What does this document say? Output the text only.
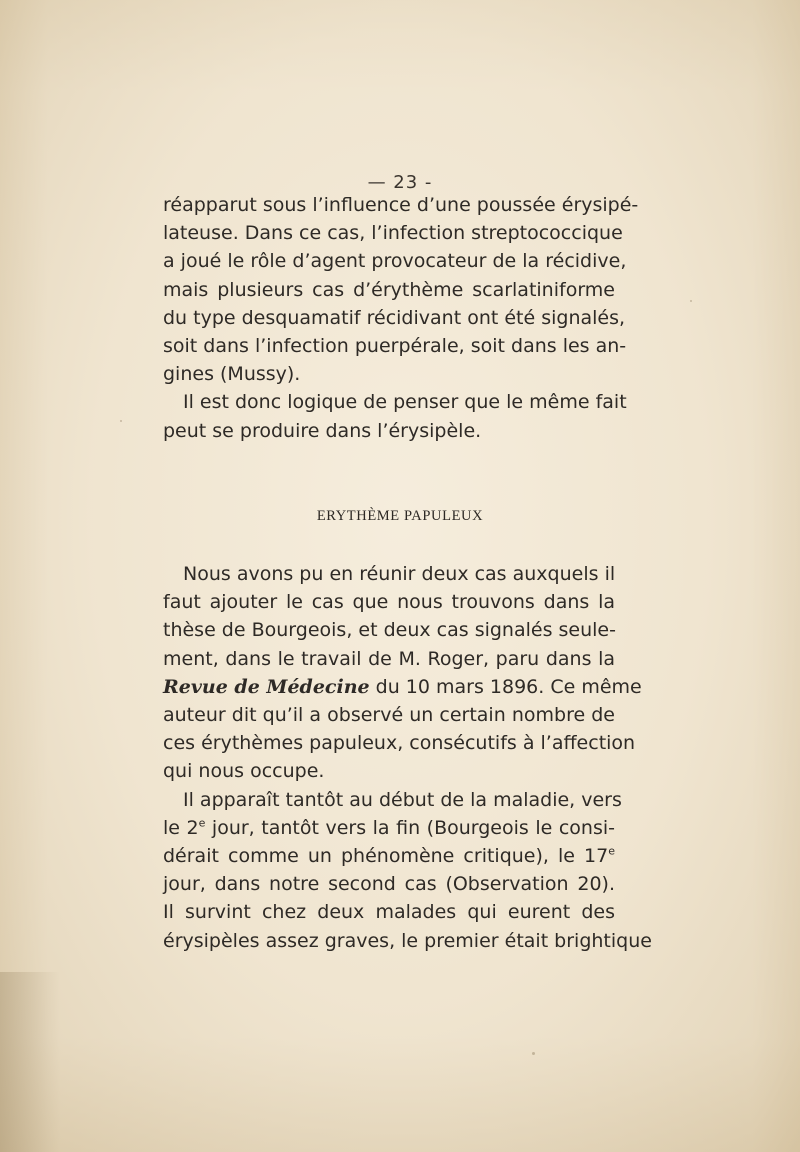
— 23 -
réapparut sous l’influence d’une poussée érysipé-
lateuse. Dans ce cas, l’infection streptococcique
a joué le rôle d’agent provocateur de la récidive,
mais plusieurs cas d’érythème scarlatiniforme
du type desquamatif récidivant ont été signalés,
soit dans l’infection puerpérale, soit dans les an-
gines (Mussy).
Il est donc logique de penser que le même fait
peut se produire dans l’érysipèle.
ERYTHÈME PAPULEUX
Nous avons pu en réunir deux cas auxquels il
faut ajouter le cas que nous trouvons dans la
thèse de Bourgeois, et deux cas signalés seule-
ment, dans le travail de M. Roger, paru dans la
Revue de Médecine du 10 mars 1896. Ce même
auteur dit qu’il a observé un certain nombre de
ces érythèmes papuleux, consécutifs à l’affection
qui nous occupe.
Il apparaît tantôt au début de la maladie, vers
le 2e jour, tantôt vers la fin (Bourgeois le consi-
dérait comme un phénomène critique), le 17e
jour, dans notre second cas (Observation 20).
Il survint chez deux malades qui eurent des
érysipèles assez graves, le premier était brightique
